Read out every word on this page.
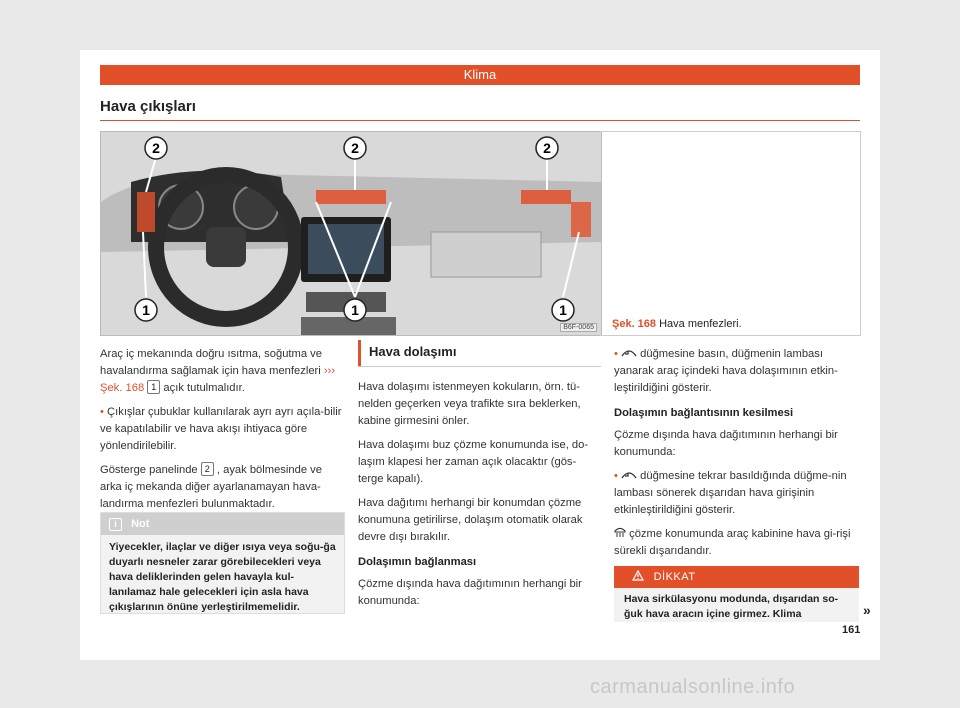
Klima
Hava çıkışları
2	2	2
1	1	1
B6F-0065 Şek. 168 Hava menfezleri.

Araç iç mekanında doğru ısıtma, soğutma ve havalandırma sağlamak için hava menfezleri ››› Şek. 168 1 açık tutulmalıdır.

• Çıkışlar çubuklar kullanılarak ayrı ayrı açıla-bilir ve kapatılabilir ve hava akışı ihtiyaca göre yönlendirilebilir.

Gösterge panelinde 2 , ayak bölmesinde ve arka iç mekanda diğer ayarlanamayan hava-landırma menfezleri bulunmaktadır.

i Not
Yiyecekler, ilaçlar ve diğer ısıya veya soğu-ğa duyarlı nesneler zarar görebilecekleri veya hava deliklerinden gelen havayla kul-lanılamaz hale gelecekleri için asla hava çıkışlarının önüne yerleştirilmemelidir.
Hava dolaşımı

Hava dolaşımı istenmeyen kokuların, örn. tü-nelden geçerken veya trafikte sıra beklerken, kabine girmesini önler.

Hava dolaşımı buz çözme konumunda ise, do-laşım klapesi her zaman açık olacaktır (gös-terge kapalı).

Hava dağıtımı herhangi bir konumdan çözme konumuna getirilirse, dolaşım otomatik olarak devre dışı bırakılır.

Dolaşımın bağlanması

Çözme dışında hava dağıtımının herhangi bir konumunda:

• düğmesine basın, düğmenin lambası yanarak araç içindeki hava dolaşımının etkin-leştirildiğini gösterir.

Dolaşımın bağlantısının kesilmesi

Çözme dışında hava dağıtımının herhangi bir konumunda:

• düğmesine tekrar basıldığında düğme-nin lambası sönerek dışarıdan hava girişinin etkinleştirildiğini gösterir.

çözme konumunda araç kabinine hava gi-rişi sürekli dışarıdandır.

DİKKAT
Hava sirkülasyonu modunda, dışarıdan so-ğuk hava aracın içine girmez. Klima	»
161
carmanualsonline.info
